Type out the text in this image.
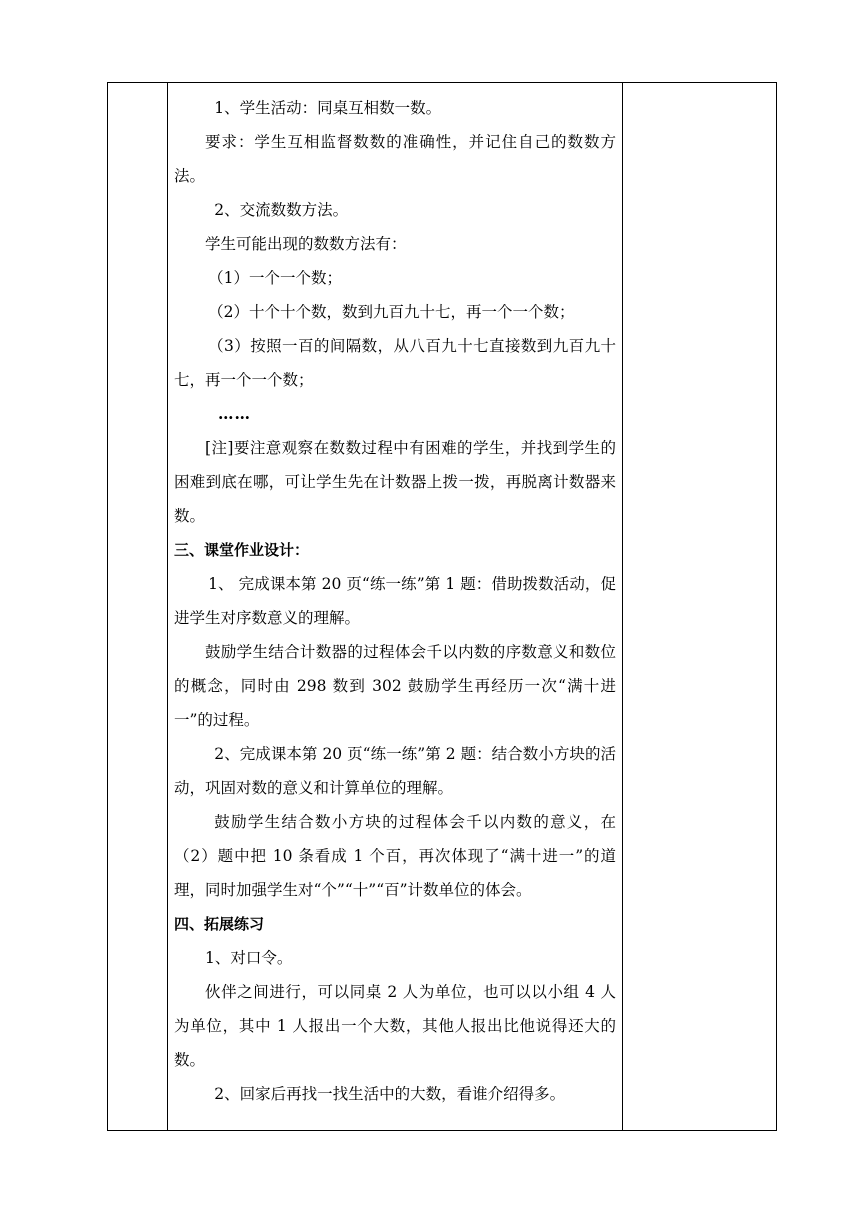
1、学生活动：同桌互相数一数。

要求：学生互相监督数数的准确性，并记住自己的数数方法。

2、交流数数方法。

学生可能出现的数数方法有：

（1）一个一个数；

（2）十个十个数，数到九百九十七，再一个一个数；

（3）按照一百的间隔数，从八百九十七直接数到九百九十七，再一个一个数；

……

[注]要注意观察在数数过程中有困难的学生，并找到学生的困难到底在哪，可让学生先在计数器上拨一拨，再脱离计数器来数。

三、课堂作业设计：

1、 完成课本第 20 页“练一练”第 1 题：借助拨数活动，促进学生对序数意义的理解。

鼓励学生结合计数器的过程体会千以内数的序数意义和数位的概念，同时由 298 数到 302 鼓励学生再经历一次“满十进一”的过程。

2、完成课本第 20 页“练一练”第 2 题：结合数小方块的活动，巩固对数的意义和计算单位的理解。

鼓励学生结合数小方块的过程体会千以内数的意义，在（2）题中把 10 条看成 1 个百，再次体现了“满十进一”的道理，同时加强学生对“个”“十”“百”计数单位的体会。

四、拓展练习

1、对口令。

伙伴之间进行，可以同桌 2 人为单位，也可以以小组 4 人为单位，其中 1 人报出一个大数，其他人报出比他说得还大的数。

2、回家后再找一找生活中的大数，看谁介绍得多。
